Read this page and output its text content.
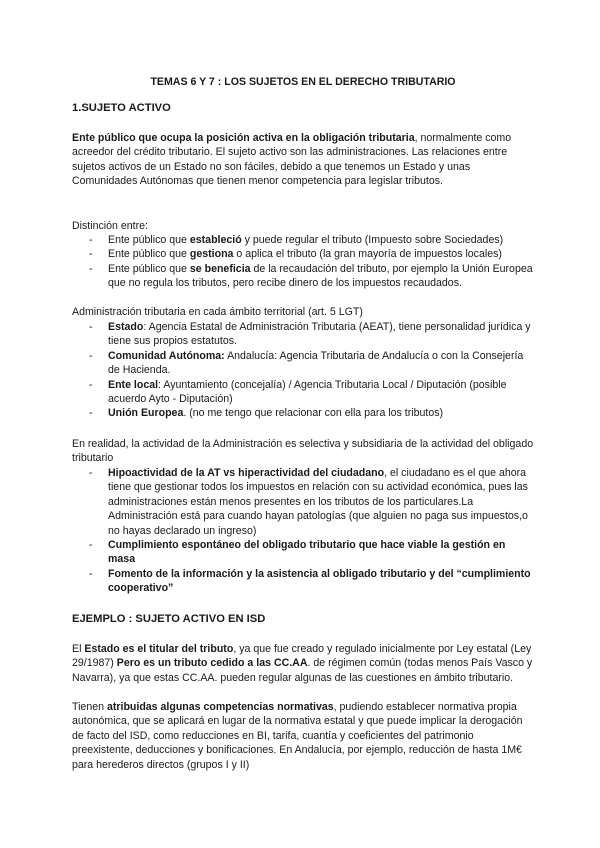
TEMAS 6 Y 7 : LOS SUJETOS EN EL DERECHO TRIBUTARIO
1.SUJETO ACTIVO

Ente público que ocupa la posición activa en la obligación tributaria, normalmente como acreedor del crédito tributario. El sujeto activo son las administraciones. Las relaciones entre sujetos activos de un Estado no son fáciles, debido a que tenemos un Estado y unas Comunidades Autónomas que tienen menor competencia para legislar tributos.

Distinción entre:

- Ente público que estableció y puede regular el tributo (Impuesto sobre Sociedades)
- Ente público que gestiona o aplica el tributo (la gran mayoría de impuestos locales)
- Ente público que se beneficia de la recaudación del tributo, por ejemplo la Unión Europea que no regula los tributos, pero recibe dinero de los impuestos recaudados.

Administración tributaria en cada ámbito territorial (art. 5 LGT)

- Estado: Agencia Estatal de Administración Tributaria (AEAT), tiene personalidad jurídica y tiene sus propios estatutos.
- Comunidad Autónoma: Andalucía: Agencia Tributaria de Andalucía o con la Consejería de Hacienda.
- Ente local: Ayuntamiento (concejalía) / Agencia Tributaria Local / Diputación (posible acuerdo Ayto - Diputación)
- Unión Europea. (no me tengo que relacionar con ella para los tributos)

En realidad, la actividad de la Administración es selectiva y subsidiaria de la actividad del obligado tributario

- Hipoactividad de la AT vs hiperactividad del ciudadano, el ciudadano es el que ahora tiene que gestionar todos los impuestos en relación con su actividad económica, pues las administraciones están menos presentes en los tributos de los particulares.La Administración está para cuando hayan patologías (que alguien no paga sus impuestos,o no hayas declarado un ingreso)
- Cumplimiento espontáneo del obligado tributario que hace viable la gestión en masa
- Fomento de la información y la asistencia al obligado tributario y del “cumplimiento cooperativo”
EJEMPLO : SUJETO ACTIVO EN ISD

El Estado es el titular del tributo, ya que fue creado y regulado inicialmente por Ley estatal (Ley 29/1987) Pero es un tributo cedido a las CC.AA. de régimen común (todas menos País Vasco y Navarra), ya que estas CC.AA. pueden regular algunas de las cuestiones en ámbito tributario.

Tienen atribuidas algunas competencias normativas, pudiendo establecer normativa propia autonómica, que se aplicará en lugar de la normativa estatal y que puede implicar la derogación de facto del ISD, como reducciones en BI, tarifa, cuantía y coeficientes del patrimonio preexistente, deducciones y bonificaciones. En Andalucía, por ejemplo, reducción de hasta 1M€ para herederos directos (grupos I y II)
